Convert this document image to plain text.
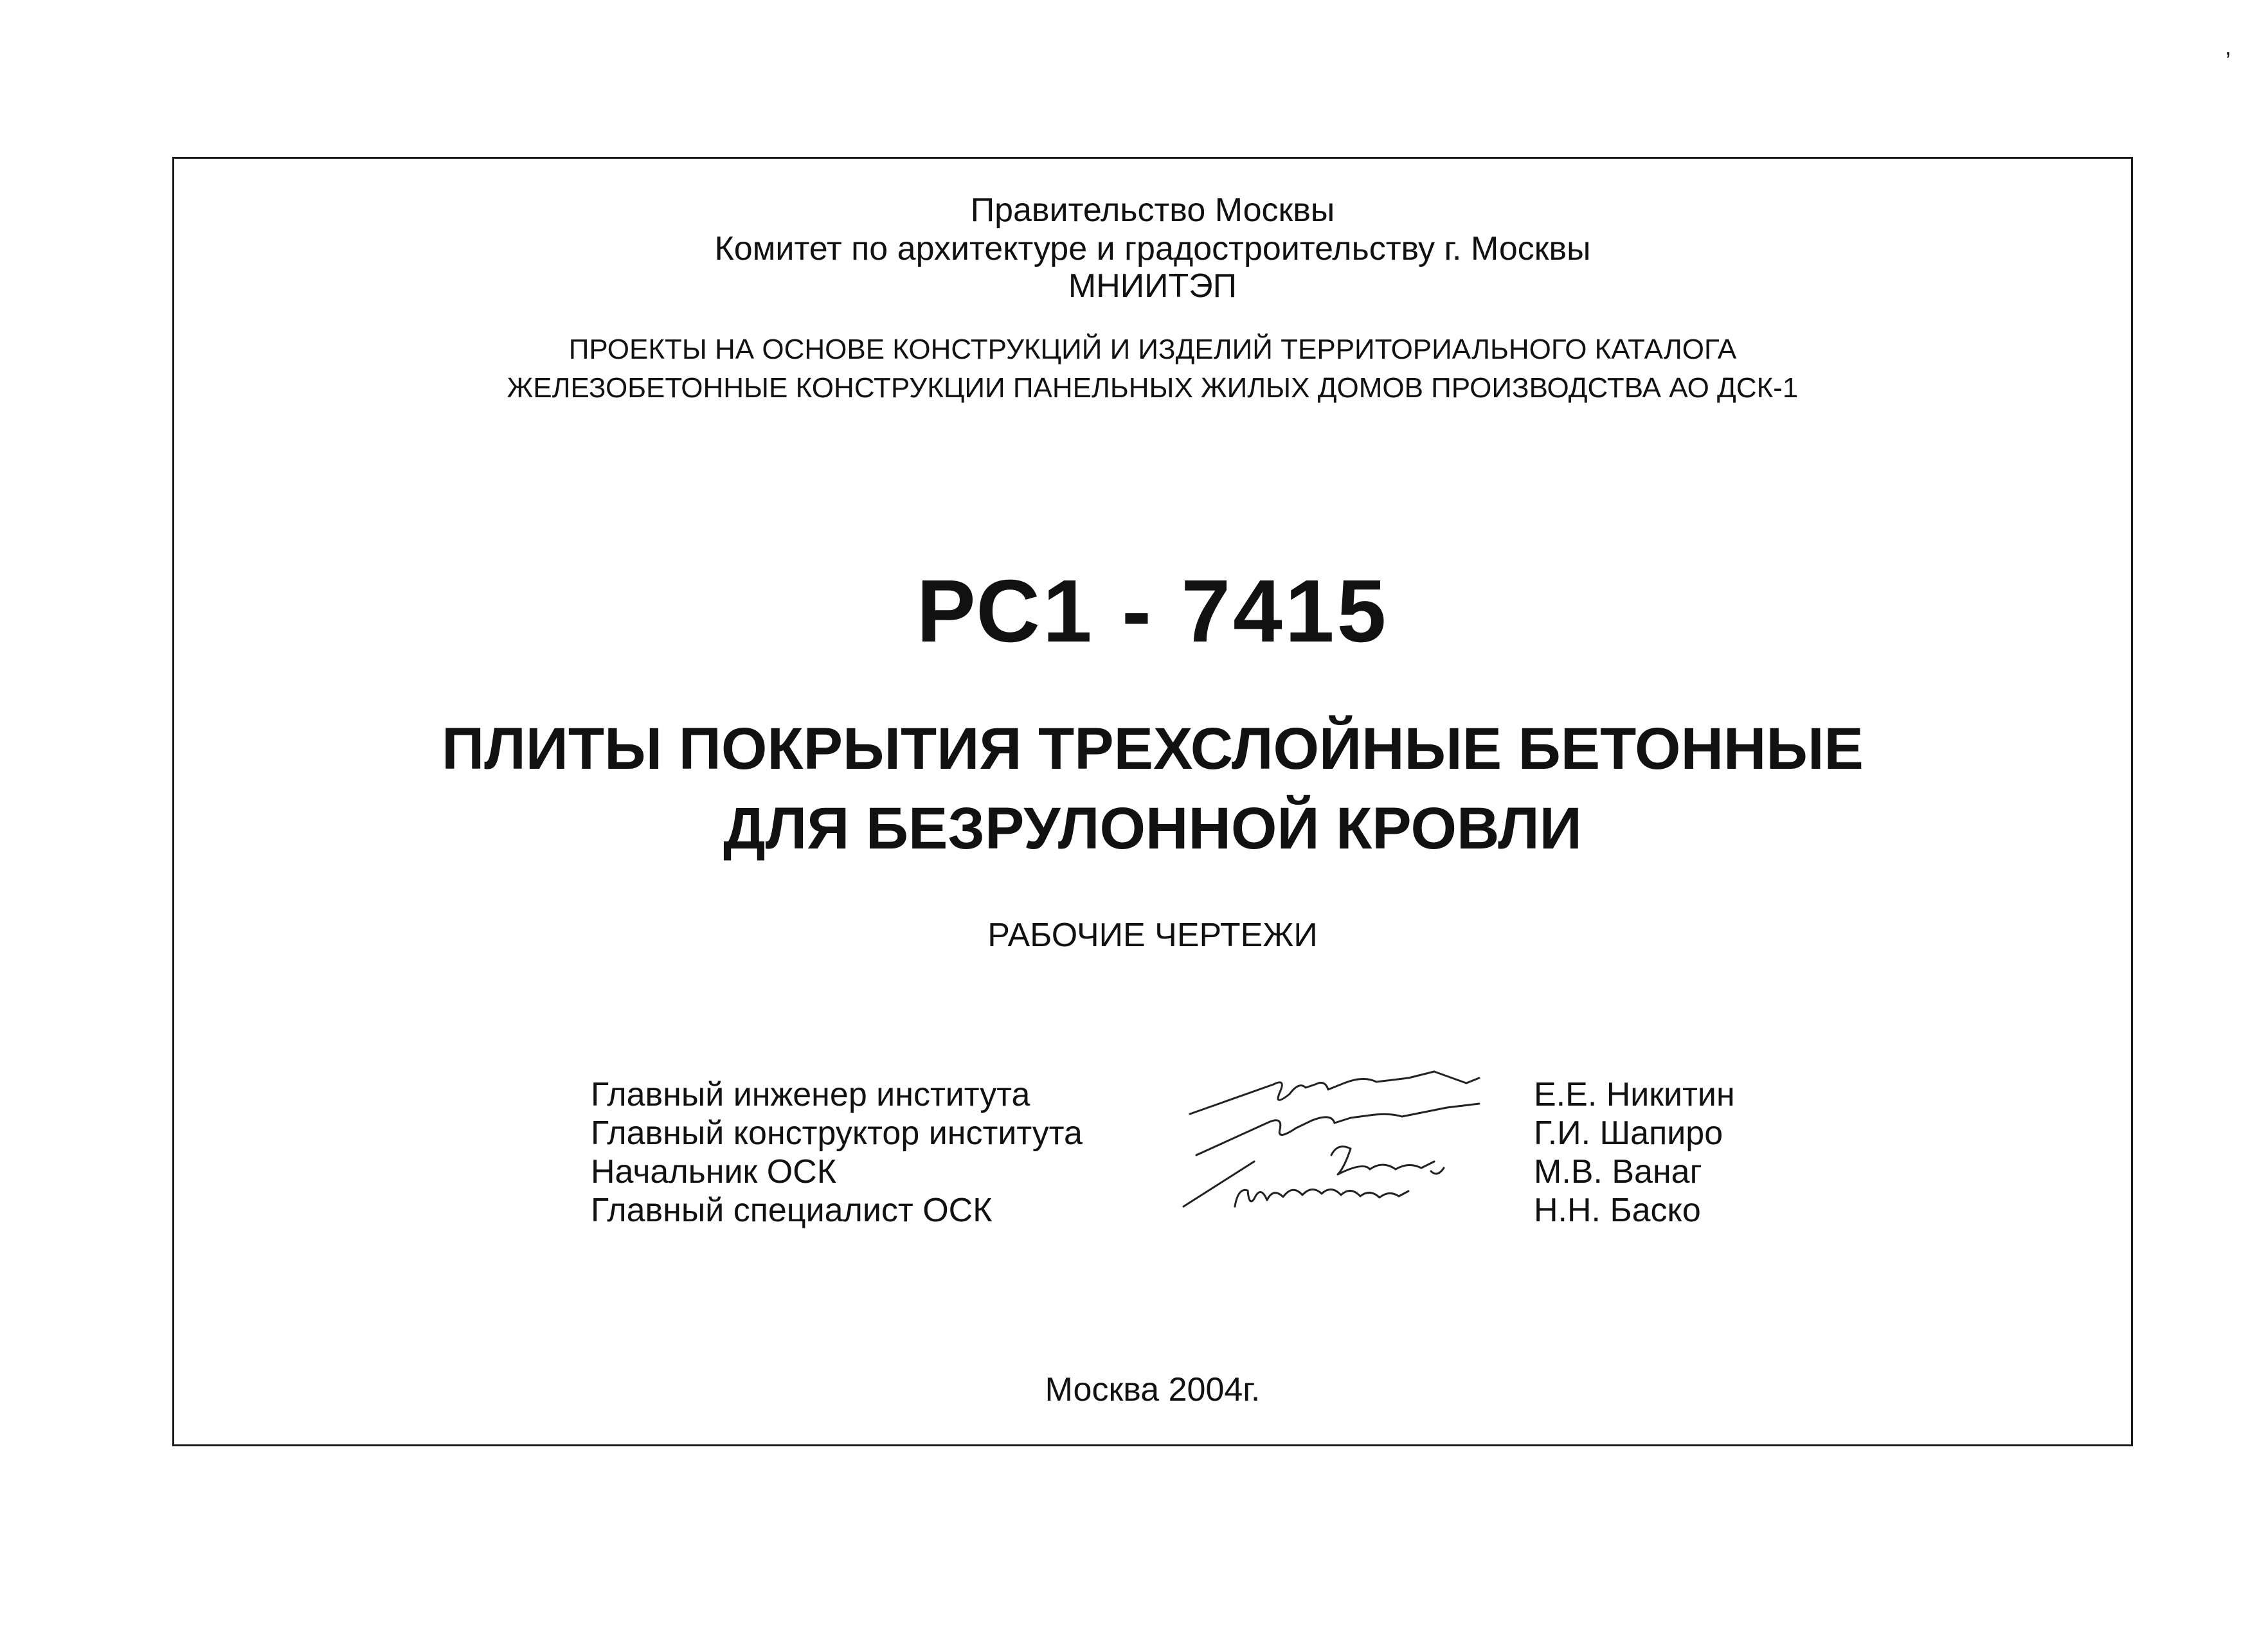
,
Правительство Москвы
Комитет по архитектуре и градостроительству г. Москвы
МНИИТЭП
ПРОЕКТЫ НА ОСНОВЕ КОНСТРУКЦИЙ И ИЗДЕЛИЙ ТЕРРИТОРИАЛЬНОГО КАТАЛОГА
ЖЕЛЕЗОБЕТОННЫЕ КОНСТРУКЦИИ ПАНЕЛЬНЫХ ЖИЛЫХ ДОМОВ ПРОИЗВОДСТВА АО ДСК-1
РС1 - 7415
ПЛИТЫ ПОКРЫТИЯ ТРЕХСЛОЙНЫЕ БЕТОННЫЕ
ДЛЯ БЕЗРУЛОННОЙ КРОВЛИ
РАБОЧИЕ ЧЕРТЕЖИ
Главный инженер института
Главный конструктор института
Начальник ОСК
Главный специалист ОСК
Е.Е. Никитин
Г.И. Шапиро
М.В. Ванаг
Н.Н. Баско
Москва 2004г.
